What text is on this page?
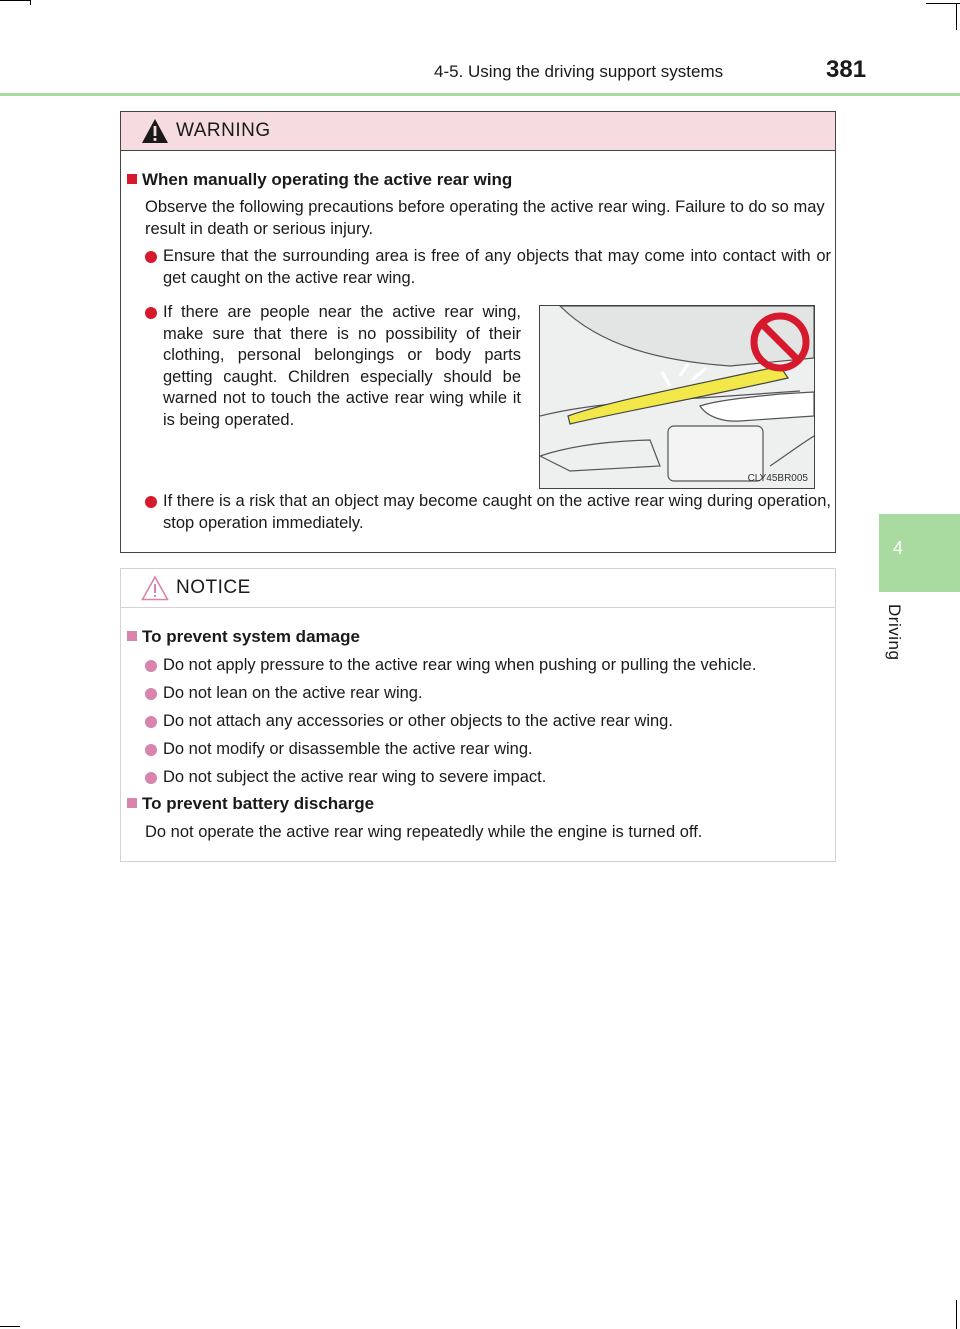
4-5. Using the driving support systems	381
4
Driving
WARNING
When manually operating the active rear wing
Observe the following precautions before operating the active rear wing. Failure to do so may result in death or serious injury.
Ensure that the surrounding area is free of any objects that may come into contact with or get caught on the active rear wing.
If there are people near the active rear wing, make sure that there is no possibility of their clothing, personal belongings or body parts getting caught. Children especially should be warned not to touch the active rear wing while it is being operated.
CLY45BR005
If there is a risk that an object may become caught on the active rear wing during operation, stop operation immediately.
NOTICE
To prevent system damage
Do not apply pressure to the active rear wing when pushing or pulling the vehicle.
Do not lean on the active rear wing.
Do not attach any accessories or other objects to the active rear wing.
Do not modify or disassemble the active rear wing.
Do not subject the active rear wing to severe impact.
To prevent battery discharge
Do not operate the active rear wing repeatedly while the engine is turned off.
